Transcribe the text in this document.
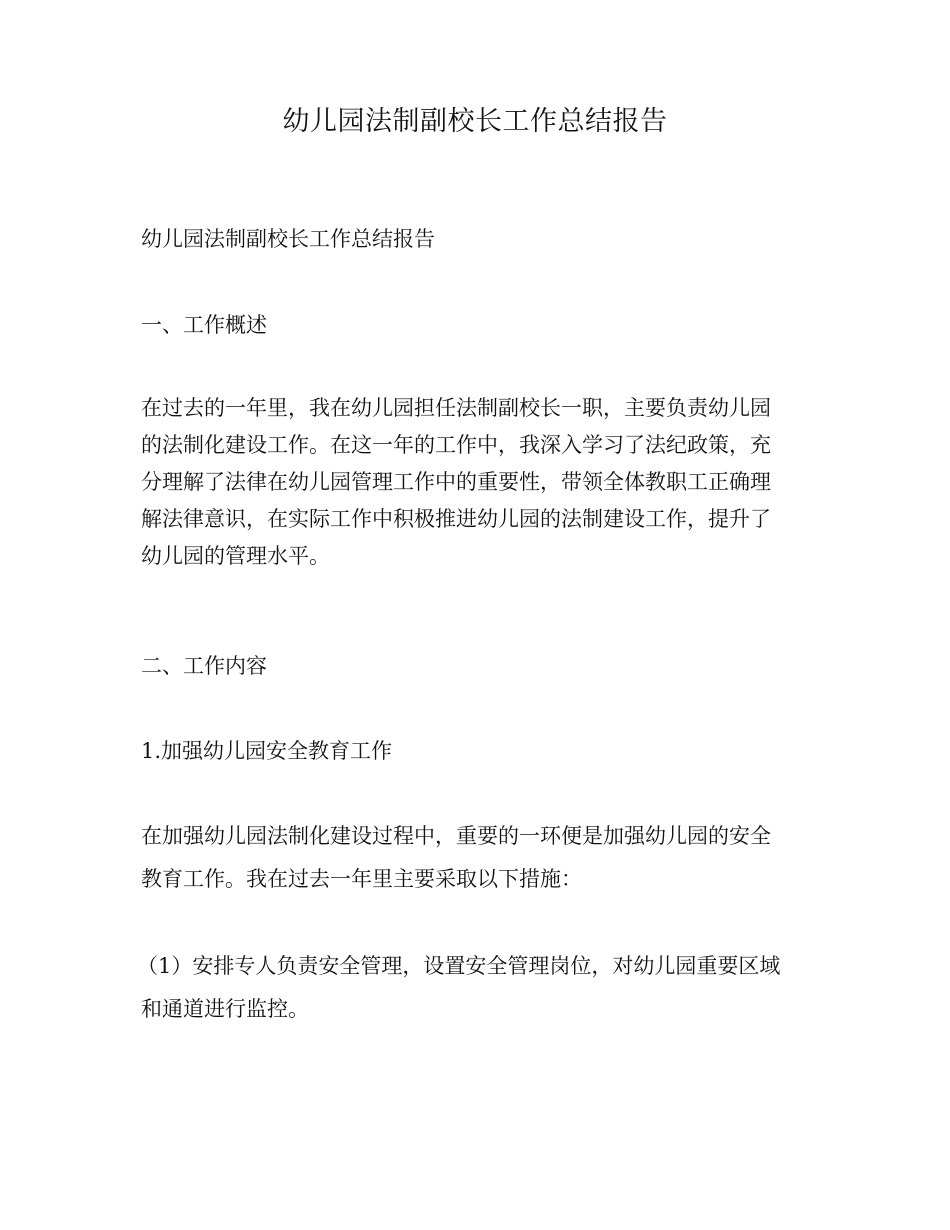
幼儿园法制副校长工作总结报告

幼儿园法制副校长工作总结报告

一、工作概述

在过去的一年里，我在幼儿园担任法制副校长一职，主要负责幼儿园
的法制化建设工作。在这一年的工作中，我深入学习了法纪政策，充
分理解了法律在幼儿园管理工作中的重要性，带领全体教职工正确理
解法律意识，在实际工作中积极推进幼儿园的法制建设工作，提升了
幼儿园的管理水平。

二、工作内容

1.加强幼儿园安全教育工作

在加强幼儿园法制化建设过程中，重要的一环便是加强幼儿园的安全
教育工作。我在过去一年里主要采取以下措施：
（1）安排专人负责安全管理，设置安全管理岗位，对幼儿园重要区域
和通道进行监控。
